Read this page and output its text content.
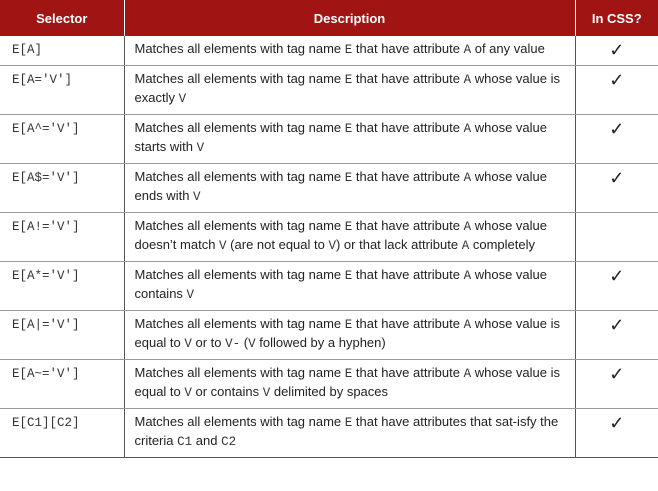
Selector	Description	In CSS?
E[A]	Matches all elements with tag name E that have attribute A of any value	✓
E[A='V']	Matches all elements with tag name E that have attribute A whose value is exactly V	✓
E[A^='V']	Matches all elements with tag name E that have attribute A whose value starts with V	✓
E[A$='V']	Matches all elements with tag name E that have attribute A whose value ends with V	✓
E[A!='V']	Matches all elements with tag name E that have attribute A whose value doesn’t match V (are not equal to V) or that lack attribute A completely	
E[A*='V']	Matches all elements with tag name E that have attribute A whose value contains V	✓
E[A|='V']	Matches all elements with tag name E that have attribute A whose value is equal to V or to V- (V followed by a hyphen)	✓
E[A~='V']	Matches all elements with tag name E that have attribute A whose value is equal to V or contains V delimited by spaces	✓
E[C1][C2]	Matches all elements with tag name E that have attributes that sat-isfy the criteria C1 and C2	✓
